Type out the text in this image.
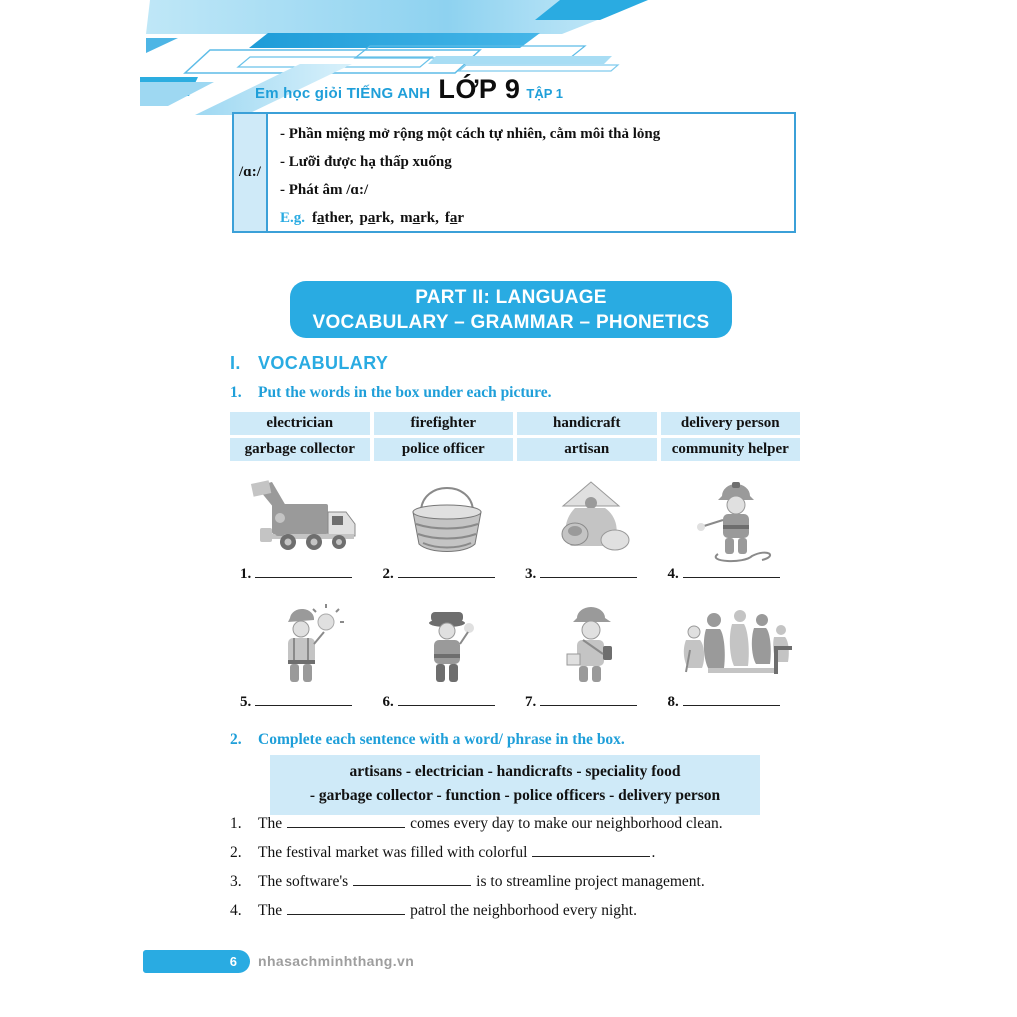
Em học giỏi TIẾNG ANH LỚP 9 TẬP 1
/ɑ:/
- Phần miệng mở rộng một cách tự nhiên, cằm môi thả lỏng
- Lưỡi được hạ thấp xuống
- Phát âm /ɑ:/
E.g. father, park, mark, far
PART II: LANGUAGE
VOCABULARY – GRAMMAR – PHONETICS
I. VOCABULARY
1.	Put the words in the box under each picture.
electrician	firefighter	handicraft	delivery person
garbage collector	police officer	artisan	community helper
1.	2.	3.	4.
5.	6.	7.	8.
2.	Complete each sentence with a word/ phrase in the box.
artisans - electrician - handicrafts - speciality food
- garbage collector - function - police officers - delivery person
1.	The	comes every day to make our neighborhood clean.
2.	The festival market was filled with colorful	.
3.	The software's	is to streamline project management.
4.	The	patrol the neighborhood every night.
6 nhasachminhthang.vn
